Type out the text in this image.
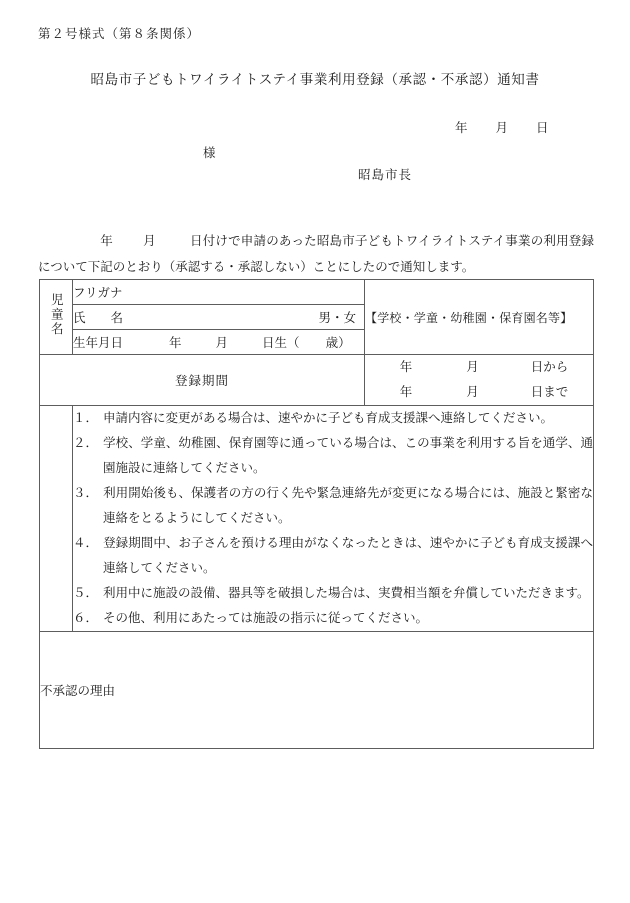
第２号様式（第８条関係）
昭島市子どもトワイライトステイ事業利用登録（承認・不承認）通知書
年 月 日
様
昭島市長
年 月	日付けで申請のあった昭島市子どもトワイライトステイ事業の利用登録について下記のとおり（承認する・承認しない）ことにしたので通知します。
児童名	フリガナ	【学校・学童・幼稚園・保育園名等】
	氏　　名 男・女	

	生年月日 年 月 日生（ 歳）	
登録期間		年 月 日から
年 月 日まで

１． 申請内容に変更がある場合は、速やかに子ども育成支援課へ連絡してください。
２． 学校、学童、幼稚園、保育園等に通っている場合は、この事業を利用する旨を通学、通園施設に連絡してください。
３． 利用開始後も、保護者の方の行く先や緊急連絡先が変更になる場合には、施設と緊密な連絡をとるようにしてください。
４． 登録期間中、お子さんを預ける理由がなくなったときは、速やかに子ども育成支援課へ連絡してください。
５． 利用中に施設の設備、器具等を破損した場合は、実費相当額を弁償していただきます。
６． その他、利用にあたっては施設の指示に従ってください。

不承認の理由		
